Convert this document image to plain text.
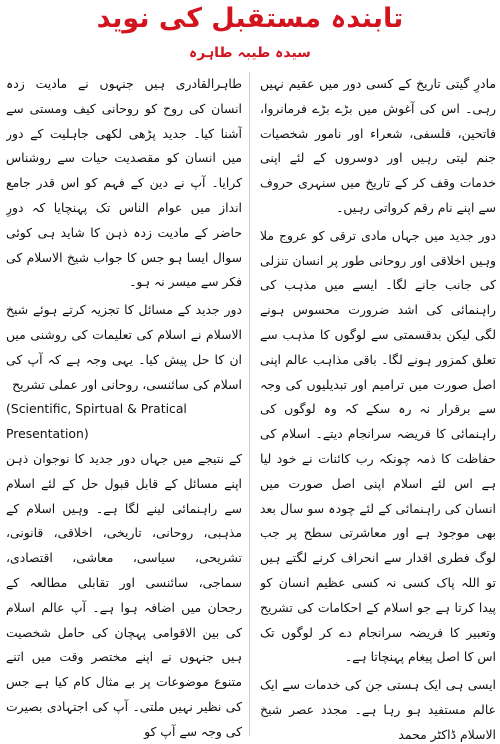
تابندہ مستقبل کی نوید
سیدہ طیبہ طاہرہ

مادرِ گیتی تاریخ کے کسی دور میں عقیم نہیں رہی۔ اس کی آغوش میں بڑے بڑے فرمانروا، فاتحین، فلسفی، شعراء اور نامور شخصیات جنم لیتی رہیں اور دوسروں کے لئے اپنی خدمات وقف کر کے تاریخ میں سنہری حروف سے اپنے نام رقم کرواتی رہیں۔

دور جدید میں جہاں مادی ترقی کو عروج ملا وہیں اخلاقی اور روحانی طور پر انسان تنزلی کی جانب جانے لگا۔ ایسے میں مذہب کی راہنمائی کی اشد ضرورت محسوس ہونے لگی لیکن بدقسمتی سے لوگوں کا مذہب سے تعلق کمزور ہونے لگا۔ باقی مذاہب عالم اپنی اصل صورت میں ترامیم اور تبدیلیوں کی وجہ سے برقرار نہ رہ سکے کہ وہ لوگوں کی راہنمائی کا فریضہ سرانجام دیتے۔ اسلام کی حفاظت کا ذمہ چونکہ رب کائنات نے خود لیا ہے اس لئے اسلام اپنی اصل صورت میں انسان کی راہنمائی کے لئے چودہ سو سال بعد بھی موجود ہے اور معاشرتی سطح پر جب لوگ فطری اقدار سے انحراف کرنے لگتے ہیں تو اللہ پاک کسی نہ کسی عظیم انسان کو پیدا کرتا ہے جو اسلام کے احکامات کی تشریح وتعبیر کا فریضہ سرانجام دے کر لوگوں تک اس کا اصل پیغام پہنچاتا ہے۔

ایسی ہی ایک ہستی جن کی خدمات سے ایک عالم مستفید ہو رہا ہے۔ مجدد عصر شیخ الاسلام ڈاکٹر محمد

طاہرالقادری ہیں جنہوں نے مادیت زدہ انسان کی روح کو روحانی کیف ومستی سے آشنا کیا۔ جدید پڑھی لکھی جاہلیت کے دور میں انسان کو مقصدیت حیات سے روشناس کرایا۔ آپ نے دین کے فہم کو اس قدر جامع انداز میں عوام الناس تک پہنچایا کہ دورِ حاضر کے مادیت زدہ ذہن کا شاید ہی کوئی سوال ایسا ہو جس کا جواب شیخ الاسلام کی فکر سے میسر نہ ہو۔

دور جدید کے مسائل کا تجزیہ کرتے ہوئے شیخ الاسلام نے اسلام کی تعلیمات کی روشنی میں ان کا حل پیش کیا۔ یہی وجہ ہے کہ آپ کی اسلام کی سائنسی، روحانی اور عملی تشریح

(Scientific, Spirtual & Pratical Presentation)

کے نتیجے میں جہاں دور جدید کا نوجوان ذہن اپنے مسائل کے قابل قبول حل کے لئے اسلام سے راہنمائی لینے لگا ہے۔ وہیں اسلام کے مذہبی، روحانی، تاریخی، اخلاقی، قانونی، تشریحی، سیاسی، معاشی، اقتصادی، سماجی، سائنسی اور تقابلی مطالعہ کے رجحان میں اضافہ ہوا ہے۔ آپ عالم اسلام کی بین الاقوامی پہچان کی حامل شخصیت ہیں جنہوں نے اپنے مختصر وقت میں اتنے متنوع موضوعات پر بے مثال کام کیا ہے جس کی نظیر نہیں ملتی۔ آپ کی اجتہادی بصیرت کی وجہ سے آپ کو
